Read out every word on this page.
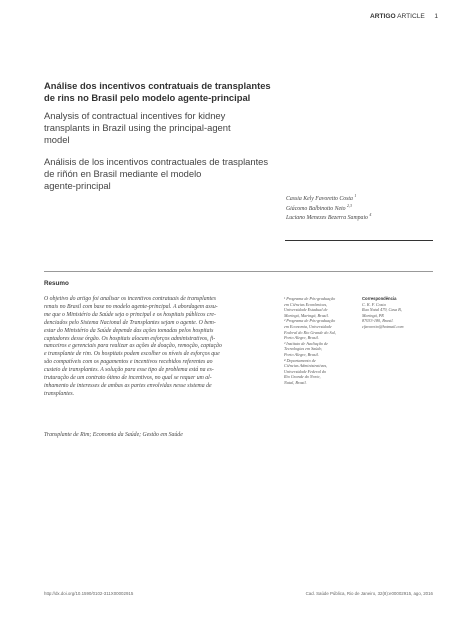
ARTIGO ARTICLE 1
Análise dos incentivos contratuais de transplantes
de rins no Brasil pelo modelo agente-principal
Analysis of contractual incentives for kidney
transplants in Brazil using the principal-agent
model
Análisis de los incentivos contractuales de trasplantes
de riñón en Brasil mediante el modelo
agente-principal
Cassia Kely Favoretto Costa $^1$
Giácomo Balbinotto Neto $^{2,3}$
Luciano Menezes Bezerra Sampaio $^4$
Resumo
O objetivo do artigo foi analisar os incentivos contratuais de transplantes
renais no Brasil com base no modelo agente-principal. A abordagem assu-
me que o Ministério da Saúde seja o principal e os hospitais públicos cre-
denciados pelo Sistema Nacional de Transplantes sejam o agente. O bem-
estar do Ministério da Saúde depende das ações tomadas pelos hospitais
captadores desse órgão. Os hospitais alocam esforços administrativos, fi-
nanceiros e gerenciais para realizar as ações de doação, remoção, captação
e transplante de rim. Os hospitais podem escolher os níveis de esforços que
são compatíveis com os pagamentos e incentivos recebidos referentes ao
custeio de transplantes. A solução para esse tipo de problema está na es-
truturação de um contrato ótimo de incentivos, no qual se requer um al-
inhamento de interesses de ambas as partes envolvidas nesse sistema de
transplantes.
Transplante de Rim; Economia da Saúde; Gestão em Saúde
¹ Programa de Pós-graduação
em Ciências Econômicas,
Universidade Estadual de
Maringá, Maringá, Brasil.
² Programa de Pós-graduação
em Economia, Universidade
Federal do Rio Grande do Sul,
Porto Alegre, Brasil.
³ Instituto de Avaliação de
Tecnologias em Saúde,
Porto Alegre, Brasil.
⁴ Departamento de
Ciências Administrativas,
Universidade Federal do
Rio Grande do Norte,
Natal, Brasil.
Correspondência
C. K. F. Costa
Rua Natal 479, Casa B,
Maringá, PR
87033-180, Brasil.
cfavoretto@hotmail.com
http://dx.doi.org/10.1590/0102-311X00002915	Cad. Saúde Pública, Rio de Janeiro, 32(8):e00002915, ago, 2016
